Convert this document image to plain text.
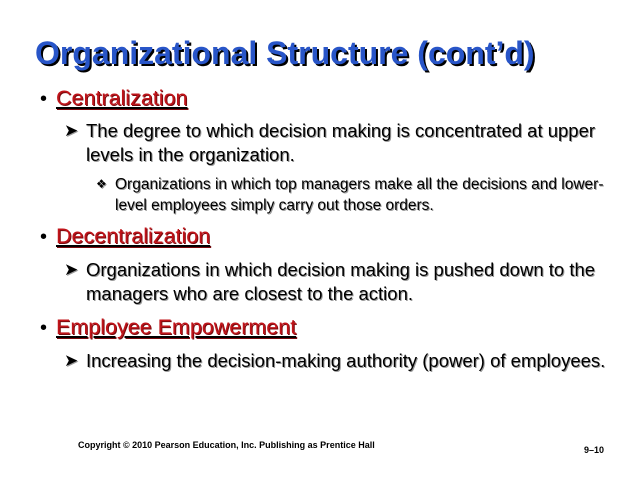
Organizational Structure (cont’d)
• Centralization
➤ The degree to which decision making is concentrated at upper levels in the organization.
❖ Organizations in which top managers make all the decisions and lower-level employees simply carry out those orders.
• Decentralization
➤ Organizations in which decision making is pushed down to the managers who are closest to the action.
• Employee Empowerment
➤ Increasing the decision-making authority (power) of employees.
Copyright © 2010 Pearson Education, Inc. Publishing as Prentice Hall	9–10
